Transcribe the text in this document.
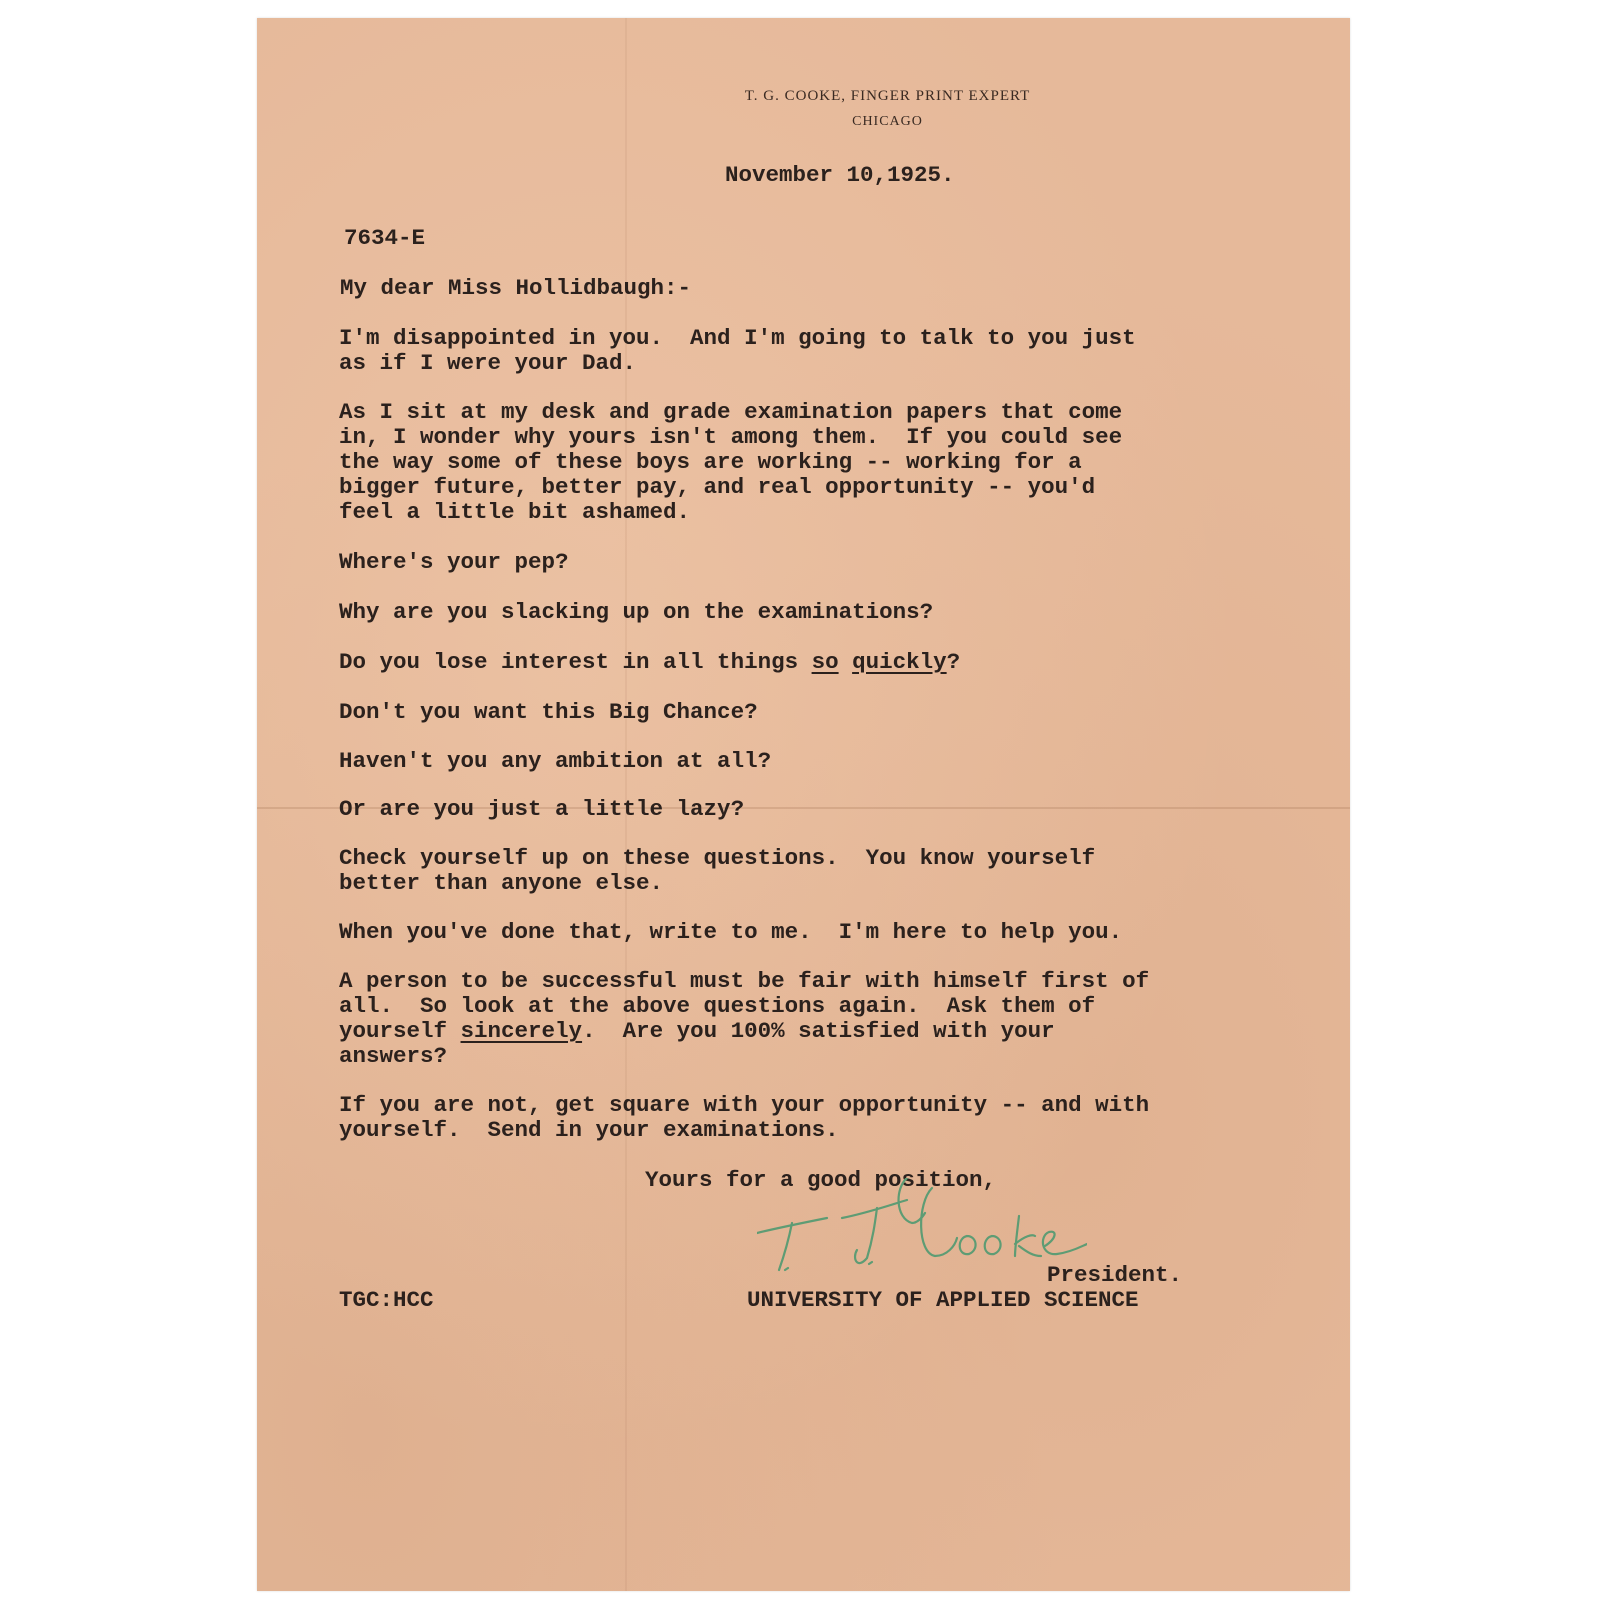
T. G. COOKE, FINGER PRINT EXPERT
CHICAGO
November 10,1925.
7634-E
My dear Miss Hollidbaugh:-
I'm disappointed in you.  And I'm going to talk to you just
as if I were your Dad.
As I sit at my desk and grade examination papers that come
in, I wonder why yours isn't among them.  If you could see
the way some of these boys are working -- working for a
bigger future, better pay, and real opportunity -- you'd
feel a little bit ashamed.
Where's your pep?
Why are you slacking up on the examinations?
Do you lose interest in all things so quickly?
Don't you want this Big Chance?
Haven't you any ambition at all?
Or are you just a little lazy?
Check yourself up on these questions.  You know yourself
better than anyone else.
When you've done that, write to me.  I'm here to help you.
A person to be successful must be fair with himself first of
all.  So look at the above questions again.  Ask them of
yourself sincerely.  Are you 100% satisfied with your
answers?
If you are not, get square with your opportunity -- and with
yourself.  Send in your examinations.
Yours for a good position,
President.
UNIVERSITY OF APPLIED SCIENCE
TGC:HCC
